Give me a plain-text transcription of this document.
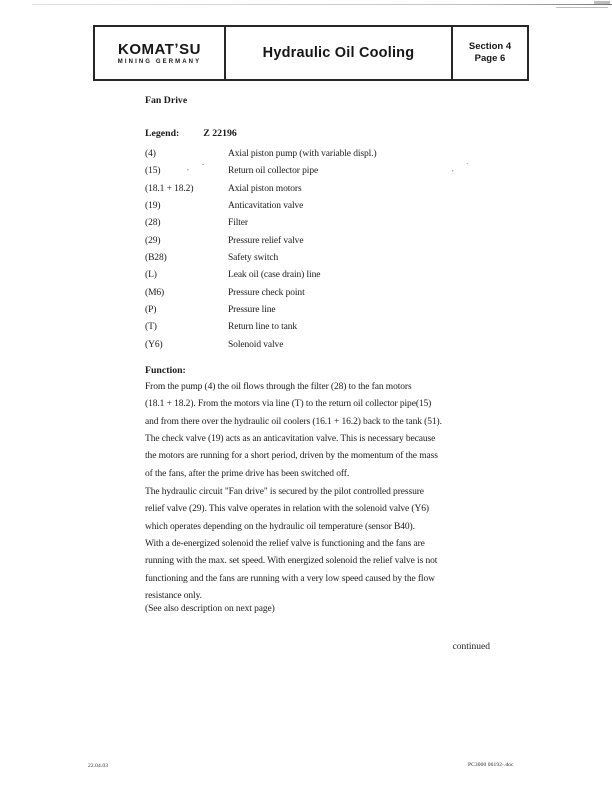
, -
,
·
KOMATʼSU
MINING GERMANY
Hydraulic Oil Cooling	Section 4
Page 6
Fan Drive
Legend: Z 22196
(4)	Axial piston pump (with variable displ.)
(15)	Return oil collector pipe
(18.1 + 18.2)	Axial piston motors
(19)	Anticavitation valve
(28)	Filter
(29)	Pressure relief valve
(B28)	Safety switch
(L)	Leak oil (case drain) line
(M6)	Pressure check point
(P)	Pressure line
(T)	Return line to tank
(Y6)	Solenoid valve
Function:
From the pump (4) the oil flows through the filter (28) to the fan motors
(18.1 + 18.2). From the motors via line (T) to the return oil collector pipe(15)
and from there over the hydraulic oil coolers (16.1 + 16.2) back to the tank (51).
The check valve (19) acts as an anticavitation valve. This is necessary because
the motors are running for a short period, driven by the momentum of the mass
of the fans, after the prime drive has been switched off.
The hydraulic circuit "Fan drive" is secured by the pilot controlled pressure
relief valve (29). This valve operates in relation with the solenoid valve (Y6)
which operates depending on the hydraulic oil temperature (sensor B40).
With a de-energized solenoid the relief valve is functioning and the fans are
running with the max. set speed. With energized solenoid the relief valve is not
functioning and the fans are running with a very low speed caused by the flow
resistance only.
(See also description on next page)
continued
22.04.03	PC3000 06192-.doc
